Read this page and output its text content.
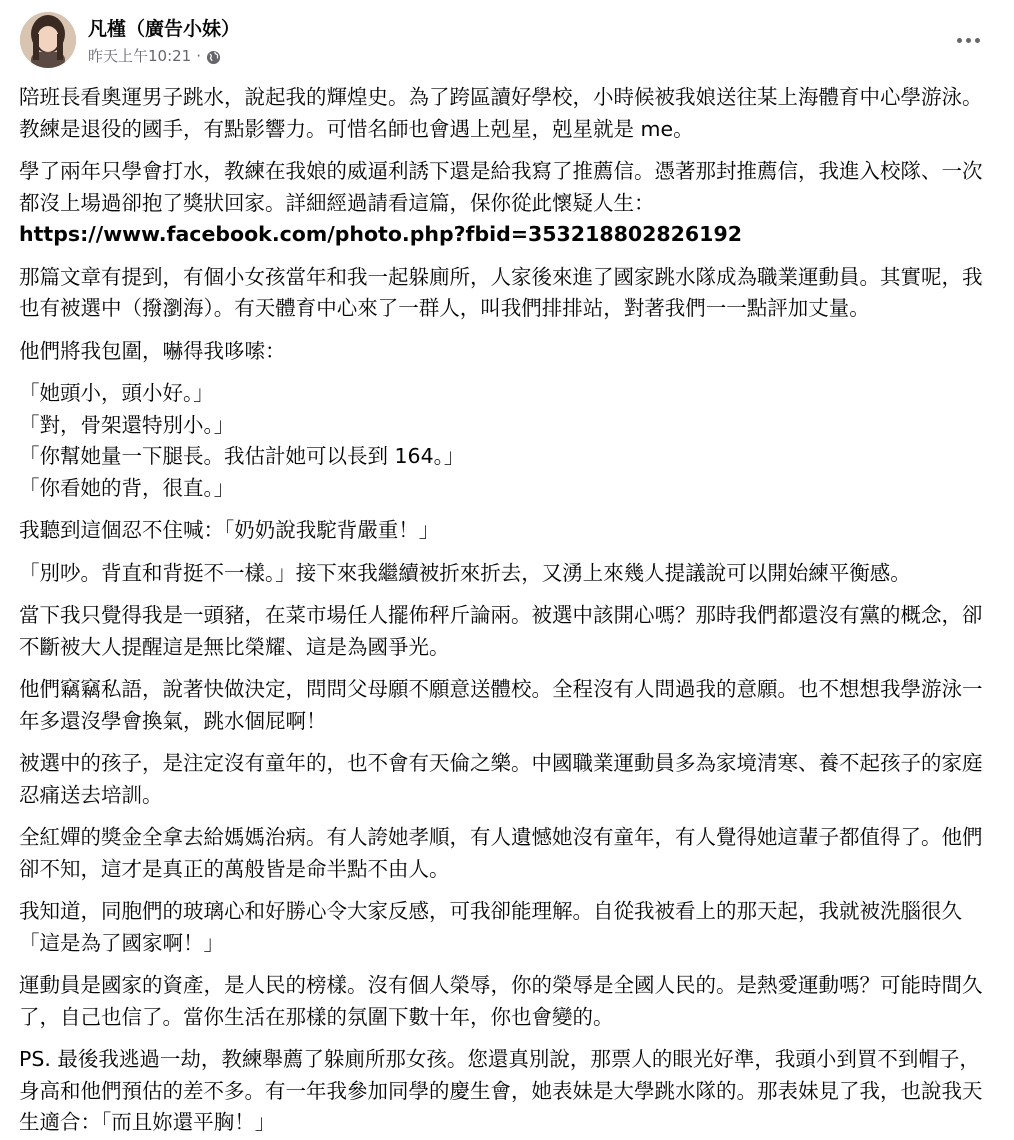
凡槿（廣告小妹）
昨天上午10:21 ·

陪班長看奧運男子跳水，說起我的輝煌史。為了跨區讀好學校，小時候被我娘送往某上海體育中心學游泳。教練是退役的國手，有點影響力。可惜名師也會遇上剋星，剋星就是 me。

學了兩年只學會打水，教練在我娘的威逼利誘下還是給我寫了推薦信。憑著那封推薦信，我進入校隊、一次都沒上場過卻抱了獎狀回家。詳細經過請看這篇，保你從此懷疑人生：
https://www.facebook.com/photo.php?fbid=353218802826192

那篇文章有提到，有個小女孩當年和我一起躲廁所，人家後來進了國家跳水隊成為職業運動員。其實呢，我也有被選中（撥瀏海）。有天體育中心來了一群人，叫我們排排站，對著我們一一點評加丈量。

他們將我包圍，嚇得我哆嗦：

「她頭小，頭小好。」
「對，骨架還特別小。」
「你幫她量一下腿長。我估計她可以長到 164。」
「你看她的背，很直。」

我聽到這個忍不住喊：「奶奶說我駝背嚴重！」

「別吵。背直和背挺不一樣。」接下來我繼續被折來折去，又湧上來幾人提議說可以開始練平衡感。

當下我只覺得我是一頭豬，在菜市場任人擺佈秤斤論兩。被選中該開心嗎？那時我們都還沒有黨的概念，卻不斷被大人提醒這是無比榮耀、這是為國爭光。

他們竊竊私語，說著快做決定，問問父母願不願意送體校。全程沒有人問過我的意願。也不想想我學游泳一年多還沒學會換氣，跳水個屁啊！

被選中的孩子，是注定沒有童年的，也不會有天倫之樂。中國職業運動員多為家境清寒、養不起孩子的家庭忍痛送去培訓。

全紅嬋的獎金全拿去給媽媽治病。有人誇她孝順，有人遺憾她沒有童年，有人覺得她這輩子都值得了。他們卻不知，這才是真正的萬般皆是命半點不由人。

我知道，同胞們的玻璃心和好勝心令大家反感，可我卻能理解。自從我被看上的那天起，我就被洗腦很久「這是為了國家啊！」

運動員是國家的資產，是人民的榜樣。沒有個人榮辱，你的榮辱是全國人民的。是熱愛運動嗎？可能時間久了，自己也信了。當你生活在那樣的氛圍下數十年，你也會變的。

PS. 最後我逃過一劫，教練舉薦了躲廁所那女孩。您還真別說，那票人的眼光好準，我頭小到買不到帽子，身高和他們預估的差不多。有一年我參加同學的慶生會，她表妹是大學跳水隊的。那表妹見了我，也說我天生適合：「而且妳還平胸！」
